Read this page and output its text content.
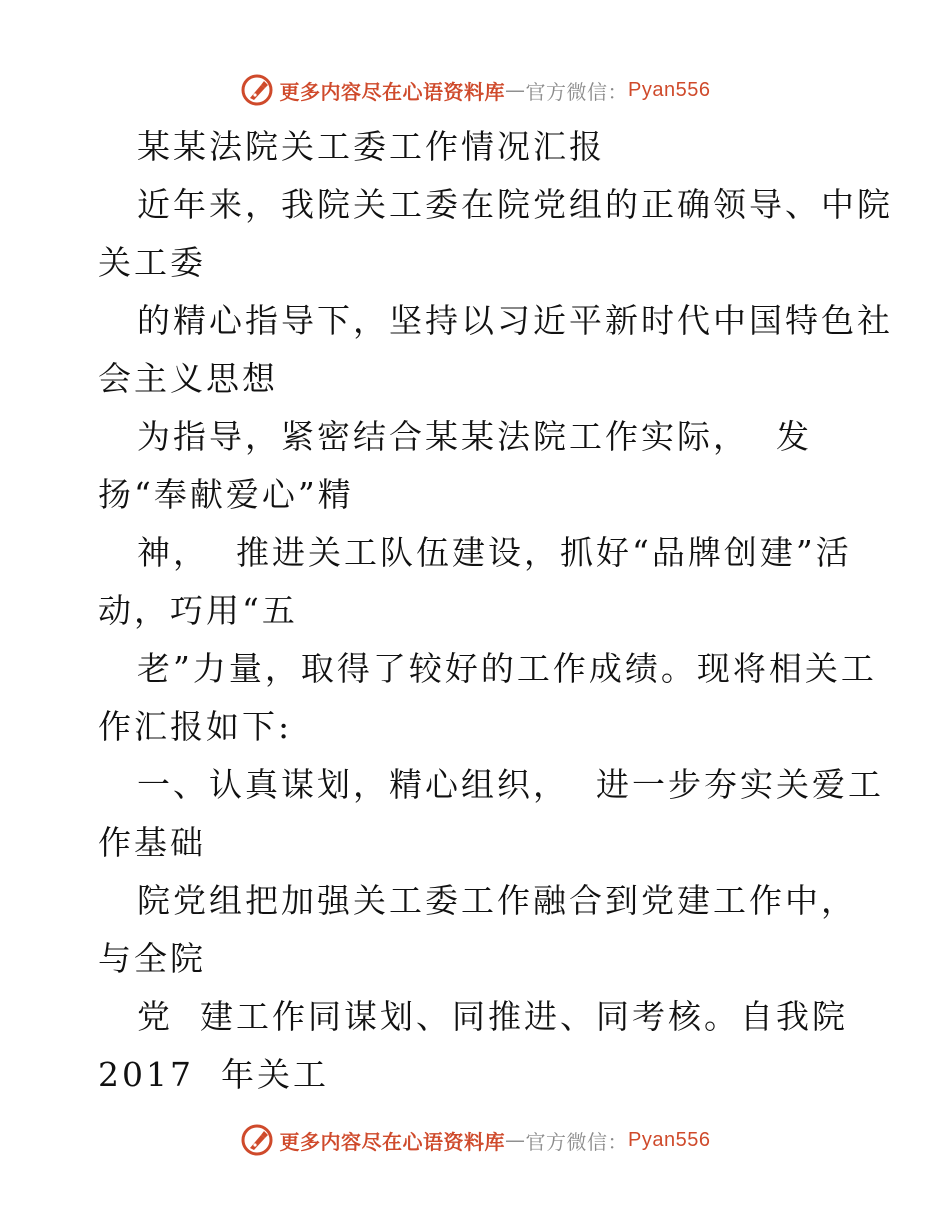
更多内容尽在心语资料库 — 官方微信： Pyan556
某某法院关工委工作情况汇报
近年来，我院关工委在院党组的正确领导、中院
关工委
的精心指导下，坚持以习近平新时代中国特色社
会主义思想
为指导，紧密结合某某法院工作实际，  发
扬“奉献爱心”精
神，  推进关工队伍建设，抓好“品牌创建”活
动，巧用“五
老”力量，取得了较好的工作成绩。现将相关工
作汇报如下:
一、认真谋划，精心组织，  进一步夯实关爱工
作基础
院党组把加强关工委工作融合到党建工作中，
与全院
党  建工作同谋划、同推进、同考核。自我院
2017  年关工
更多内容尽在心语资料库 — 官方微信： Pyan556
